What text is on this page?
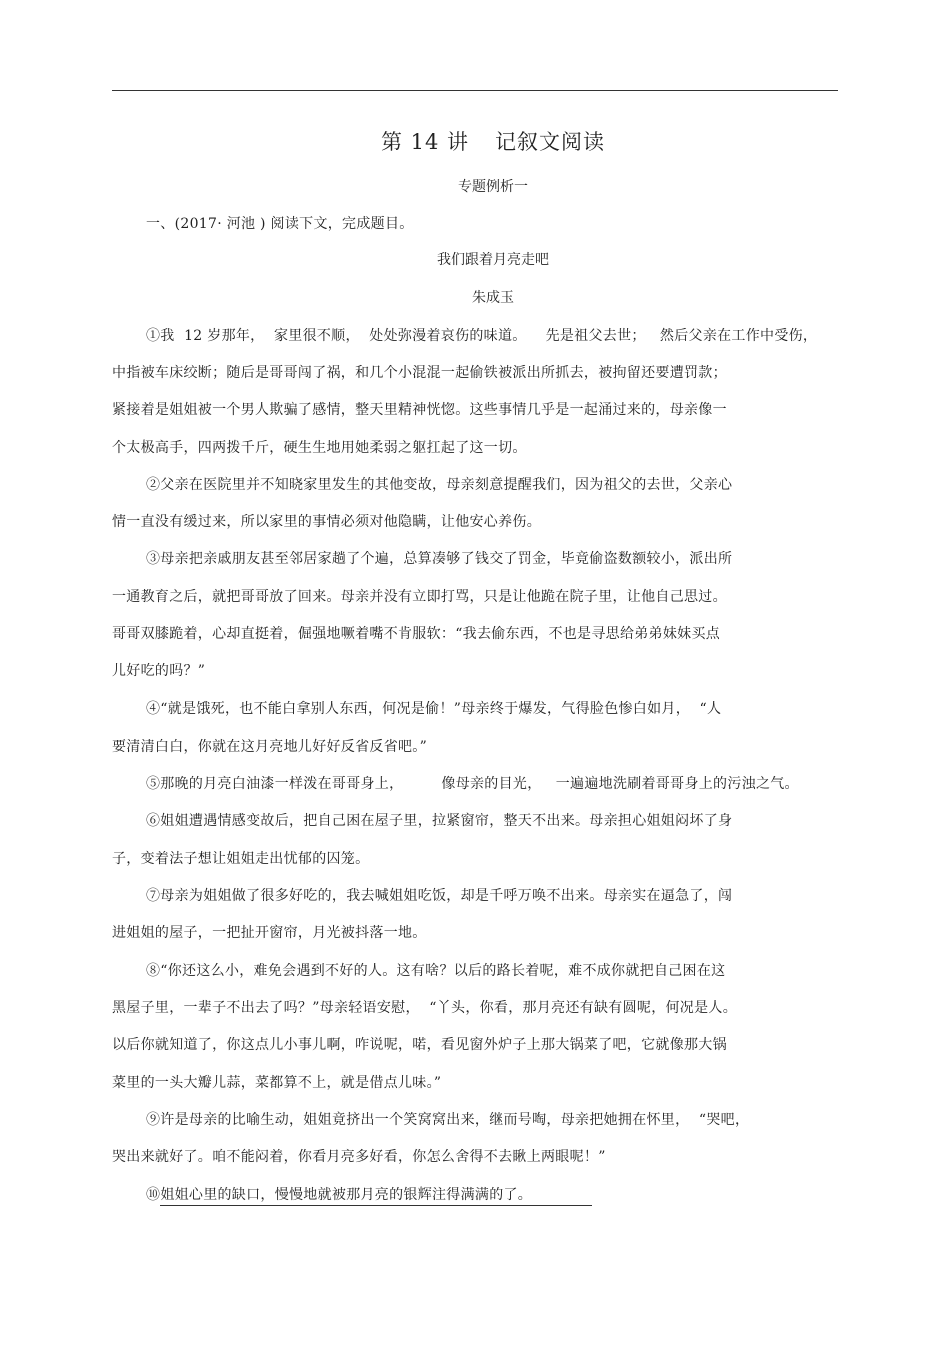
第 14 讲 记叙文阅读
专题例析一
一、(2017· 河池 ) 阅读下文，完成题目。
我们跟着月亮走吧
朱成玉
①我  12 岁那年，  家里很不顺，  处处弥漫着哀伤的味道。    先是祖父去世；   然后父亲在工作中受伤，
中指被车床绞断；随后是哥哥闯了祸，和几个小混混一起偷铁被派出所抓去，被拘留还要遭罚款；
紧接着是姐姐被一个男人欺骗了感情，整天里精神恍惚。这些事情几乎是一起涌过来的，母亲像一
个太极高手，四两拨千斤，硬生生地用她柔弱之躯扛起了这一切。
②父亲在医院里并不知晓家里发生的其他变故，母亲刻意提醒我们，因为祖父的去世，父亲心
情一直没有缓过来，所以家里的事情必须对他隐瞒，让他安心养伤。
③母亲把亲戚朋友甚至邻居家趟了个遍，总算凑够了钱交了罚金，毕竟偷盗数额较小，派出所
一通教育之后，就把哥哥放了回来。母亲并没有立即打骂，只是让他跪在院子里，让他自己思过。
哥哥双膝跪着，心却直挺着，倔强地噘着嘴不肯服软：“我去偷东西，不也是寻思给弟弟妹妹买点
儿好吃的吗？”
④“就是饿死，也不能白拿别人东西，何况是偷！”母亲终于爆发，气得脸色惨白如月，  “人
要清清白白，你就在这月亮地儿好好反省反省吧。”
⑤那晚的月亮白油漆一样泼在哥哥身上，        像母亲的目光，   一遍遍地洗刷着哥哥身上的污浊之气。
⑥姐姐遭遇情感变故后，把自己困在屋子里，拉紧窗帘，整天不出来。母亲担心姐姐闷坏了身
子，变着法子想让姐姐走出忧郁的囚笼。
⑦母亲为姐姐做了很多好吃的，我去喊姐姐吃饭，却是千呼万唤不出来。母亲实在逼急了，闯
进姐姐的屋子，一把扯开窗帘，月光被抖落一地。
⑧“你还这么小，难免会遇到不好的人。这有啥？以后的路长着呢，难不成你就把自己困在这
黑屋子里，一辈子不出去了吗？”母亲轻语安慰，  “丫头，你看，那月亮还有缺有圆呢，何况是人。
以后你就知道了，你这点儿小事儿啊，咋说呢，喏，看见窗外炉子上那大锅菜了吧，它就像那大锅
菜里的一头大瓣儿蒜，菜都算不上，就是借点儿味。”
⑨许是母亲的比喻生动，姐姐竟挤出一个笑窝窝出来，继而号啕，母亲把她拥在怀里，  “哭吧，
哭出来就好了。咱不能闷着，你看月亮多好看，你怎么舍得不去瞅上两眼呢！”
⑩姐姐心里的缺口，慢慢地就被那月亮的银辉注得满满的了。
